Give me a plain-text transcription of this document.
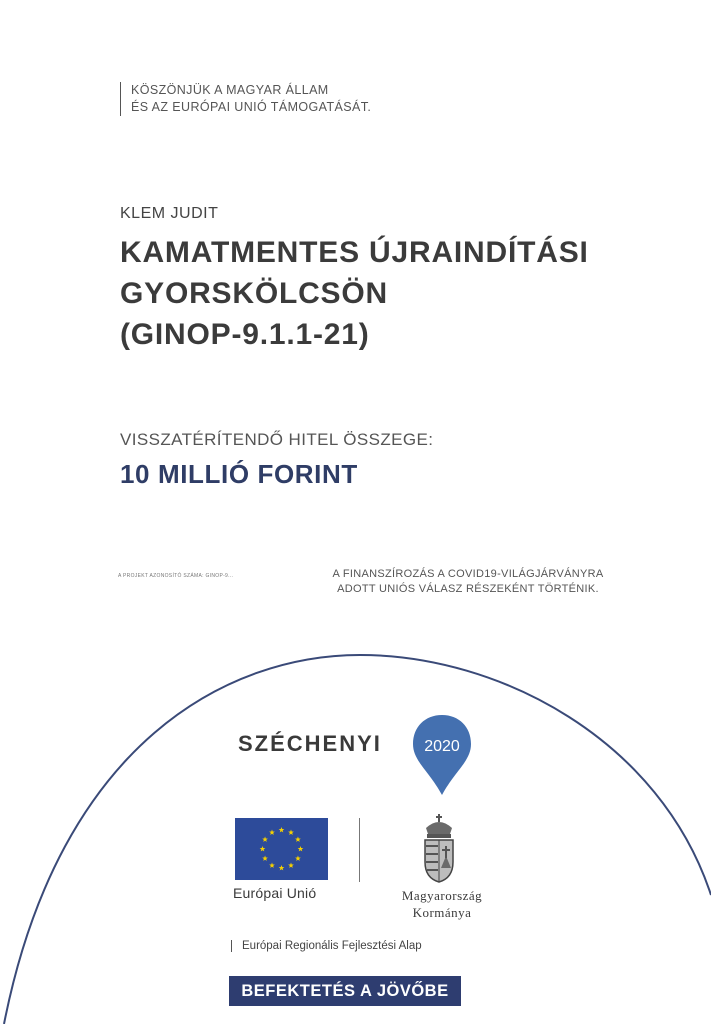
KÖSZÖNJÜK A MAGYAR ÁLLAM
ÉS AZ EURÓPAI UNIÓ TÁMOGATÁSÁT.
KLEM JUDIT
KAMATMENTES ÚJRAINDÍTÁSI
GYORSKÖLCSÖN
(GINOP-9.1.1-21)
VISSZATÉRÍTENDŐ HITEL ÖSSZEGE:
10 MILLIÓ FORINT
A PROJEKT AZONOSÍTÓ SZÁMA: GINOP-9...	A FINANSZÍROZÁS A COVID19-VILÁGJÁRVÁNYRA
ADOTT UNIÓS VÁLASZ RÉSZEKÉNT TÖRTÉNIK.
SZÉCHENYI	2020
Európai Unió	Magyarország
Kormánya
Európai Regionális Fejlesztési Alap
BEFEKTETÉS A JÖVŐBE
